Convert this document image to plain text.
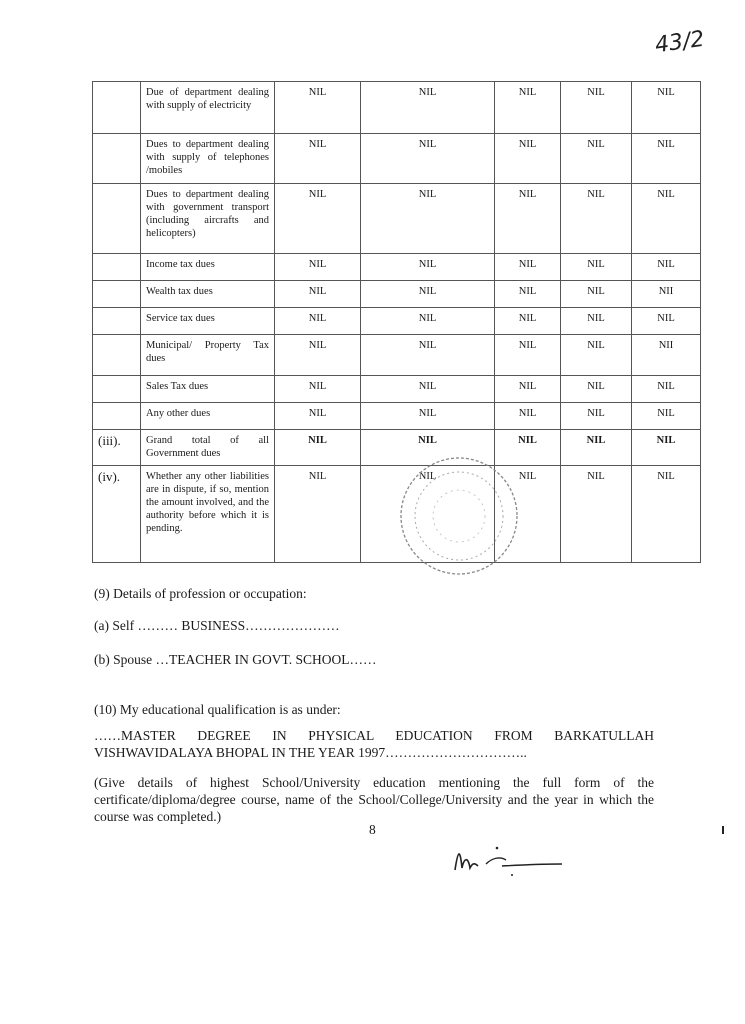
43/2
	Due of department dealing with supply of electricity	NIL	NIL	NIL	NIL	NIL
	Dues to department dealing with supply of telephones /mobiles	NIL	NIL	NIL	NIL	NIL
	Dues to department dealing with government transport (including aircrafts and helicopters)	NIL	NIL	NIL	NIL	NIL
	Income tax dues	NIL	NIL	NIL	NIL	NIL
	Wealth tax dues	NIL	NIL	NIL	NIL	NII
	Service tax dues	NIL	NIL	NIL	NIL	NIL
	Municipal/ Property Tax dues	NIL	NIL	NIL	NIL	NII
	Sales Tax dues	NIL	NIL	NIL	NIL	NIL
	Any other dues	NIL	NIL	NIL	NIL	NIL
(iii).	Grand total of all Government dues	NIL	NIL	NIL	NIL	NIL
(iv).	Whether any other liabilities are in dispute, if so, mention the amount involved, and the authority before which it is pending.	NIL	NIL	NIL	NIL	NIL
(9) Details of profession or occupation:
(a) Self ……… BUSINESS…………………
(b) Spouse …TEACHER IN GOVT. SCHOOL……
(10) My educational qualification is as under:
……MASTER DEGREE IN PHYSICAL EDUCATION FROM BARKATULLAH VISHWAVIDALAYA BHOPAL IN THE YEAR 1997…………………………..
(Give details of highest School/University education mentioning the full form of the certificate/diploma/degree course, name of the School/College/University and the year in which the course was completed.)
8
